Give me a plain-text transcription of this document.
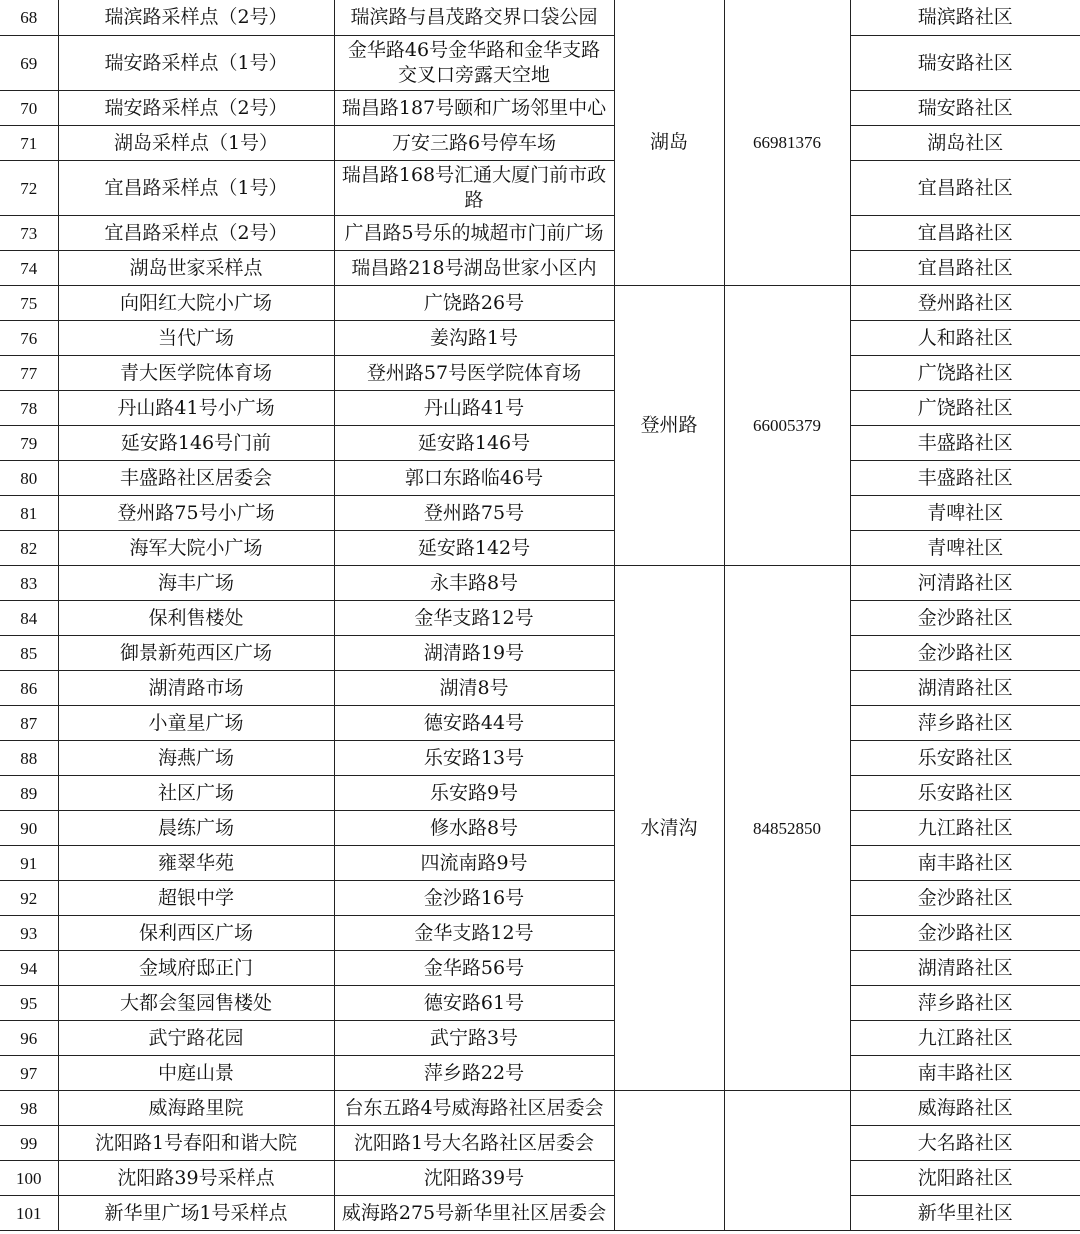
68	瑞滨路采样点（2号）	瑞滨路与昌茂路交界口袋公园	湖岛	66981376	瑞滨路社区
69	瑞安路采样点（1号）	金华路46号金华路和金华支路交叉口旁露天空地			瑞安路社区
70	瑞安路采样点（2号）	瑞昌路187号颐和广场邻里中心			瑞安路社区
71	湖岛采样点（1号）	万安三路6号停车场			湖岛社区
72	宜昌路采样点（1号）	瑞昌路168号汇通大厦门前市政路			宜昌路社区
73	宜昌路采样点（2号）	广昌路5号乐的城超市门前广场			宜昌路社区
74	湖岛世家采样点	瑞昌路218号湖岛世家小区内			宜昌路社区
75	向阳红大院小广场	广饶路26号	登州路	66005379	登州路社区
76	当代广场	姜沟路1号			人和路社区
77	青大医学院体育场	登州路57号医学院体育场			广饶路社区
78	丹山路41号小广场	丹山路41号			广饶路社区
79	延安路146号门前	延安路146号			丰盛路社区
80	丰盛路社区居委会	郭口东路临46号			丰盛路社区
81	登州路75号小广场	登州路75号			青啤社区
82	海军大院小广场	延安路142号			青啤社区
83	海丰广场	永丰路8号	水清沟	84852850	河清路社区
84	保利售楼处	金华支路12号			金沙路社区
85	御景新苑西区广场	湖清路19号			金沙路社区
86	湖清路市场	湖清8号			湖清路社区
87	小童星广场	德安路44号			萍乡路社区
88	海燕广场	乐安路13号			乐安路社区
89	社区广场	乐安路9号			乐安路社区
90	晨练广场	修水路8号			九江路社区
91	雍翠华苑	四流南路9号			南丰路社区
92	超银中学	金沙路16号			金沙路社区
93	保利西区广场	金华支路12号			金沙路社区
94	金域府邸正门	金华路56号			湖清路社区
95	大都会玺园售楼处	德安路61号			萍乡路社区
96	武宁路花园	武宁路3号			九江路社区
97	中庭山景	萍乡路22号			南丰路社区
98	威海路里院	台东五路4号威海路社区居委会			威海路社区
99	沈阳路1号春阳和谐大院	沈阳路1号大名路社区居委会			大名路社区
100	沈阳路39号采样点	沈阳路39号			沈阳路社区
101	新华里广场1号采样点	威海路275号新华里社区居委会			新华里社区
